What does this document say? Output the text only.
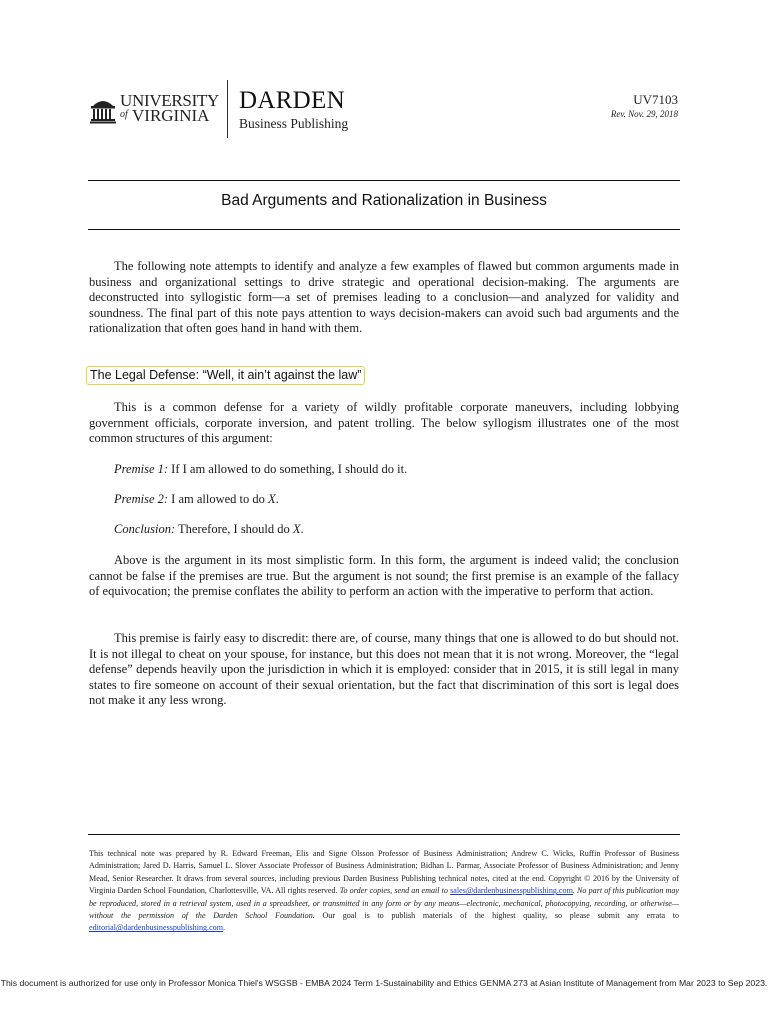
UNIVERSITY
of VIRGINIA
DARDEN
Business Publishing
UV7103
Rev. Nov. 29, 2018
Bad Arguments and Rationalization in Business
The following note attempts to identify and analyze a few examples of flawed but common arguments made in business and organizational settings to drive strategic and operational decision-making. The arguments are deconstructed into syllogistic form—a set of premises leading to a conclusion—and analyzed for validity and soundness. The final part of this note pays attention to ways decision-makers can avoid such bad arguments and the rationalization that often goes hand in hand with them.
The Legal Defense: “Well, it ain’t against the law”
This is a common defense for a variety of wildly profitable corporate maneuvers, including lobbying government officials, corporate inversion, and patent trolling. The below syllogism illustrates one of the most common structures of this argument:
Premise 1: If I am allowed to do something, I should do it.
Premise 2: I am allowed to do X.
Conclusion: Therefore, I should do X.
Above is the argument in its most simplistic form. In this form, the argument is indeed valid; the conclusion cannot be false if the premises are true. But the argument is not sound; the first premise is an example of the fallacy of equivocation; the premise conflates the ability to perform an action with the imperative to perform that action.
This premise is fairly easy to discredit: there are, of course, many things that one is allowed to do but should not. It is not illegal to cheat on your spouse, for instance, but this does not mean that it is not wrong. Moreover, the “legal defense” depends heavily upon the jurisdiction in which it is employed: consider that in 2015, it is still legal in many states to fire someone on account of their sexual orientation, but the fact that discrimination of this sort is legal does not make it any less wrong.
This technical note was prepared by R. Edward Freeman, Elis and Signe Olsson Professor of Business Administration; Andrew C. Wicks, Ruffin Professor of Business Administration; Jared D. Harris, Samuel L. Slover Associate Professor of Business Administration; Bidhan L. Parmar, Associate Professor of Business Administration; and Jenny Mead, Senior Researcher. It draws from several sources, including previous Darden Business Publishing technical notes, cited at the end. Copyright © 2016 by the University of Virginia Darden School Foundation, Charlottesville, VA. All rights reserved. To order copies, send an email to sales@dardenbusinesspublishing.com. No part of this publication may be reproduced, stored in a retrieval system, used in a spreadsheet, or transmitted in any form or by any means—electronic, mechanical, photocopying, recording, or otherwise—without the permission of the Darden School Foundation. Our goal is to publish materials of the highest quality, so please submit any errata to editorial@dardenbusinesspublishing.com.
This document is authorized for use only in Professor Monica Thiel's WSGSB - EMBA 2024 Term 1-Sustainability and Ethics GENMA 273 at Asian Institute of Management from Mar 2023 to Sep 2023.
